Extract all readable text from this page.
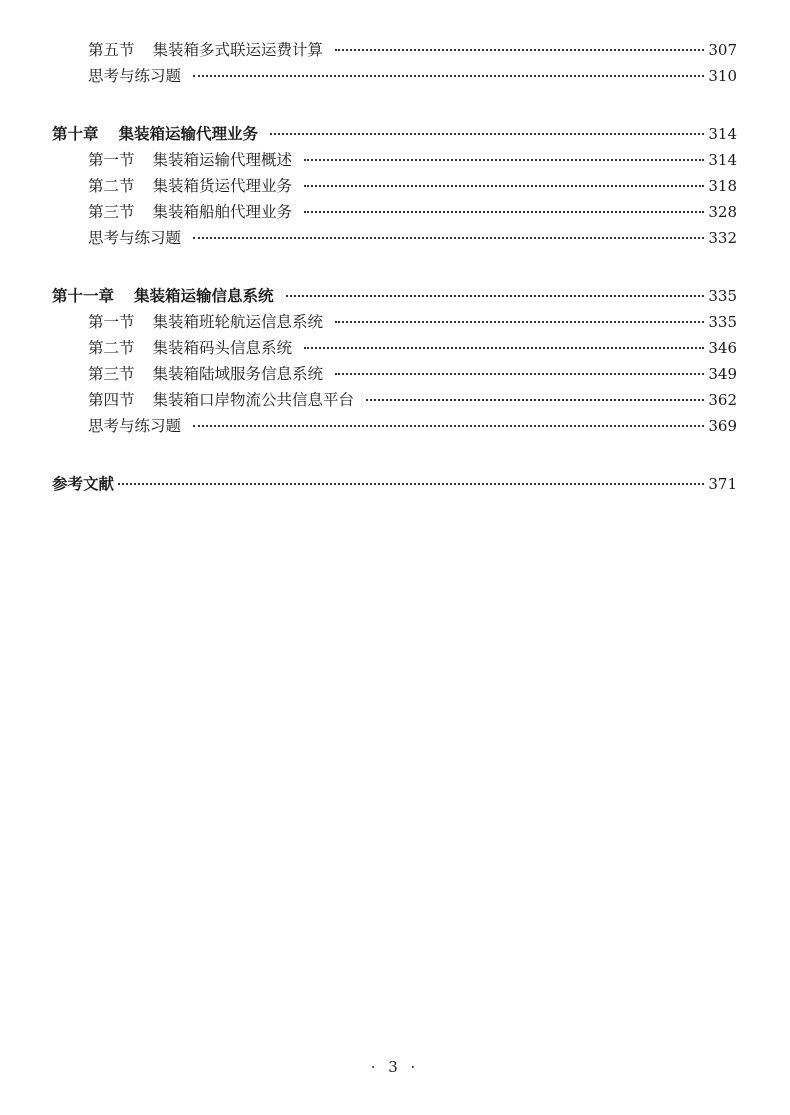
第五节 集装箱多式联运运费计算	307
思考与练习题	310
第十章 集装箱运输代理业务	314
第一节 集装箱运输代理概述	314
第二节 集装箱货运代理业务	318
第三节 集装箱船舶代理业务	328
思考与练习题	332
第十一章 集装箱运输信息系统	335
第一节 集装箱班轮航运信息系统	335
第二节 集装箱码头信息系统	346
第三节 集装箱陆域服务信息系统	349
第四节 集装箱口岸物流公共信息平台	362
思考与练习题	369
参考文献	371
· 3 ·
